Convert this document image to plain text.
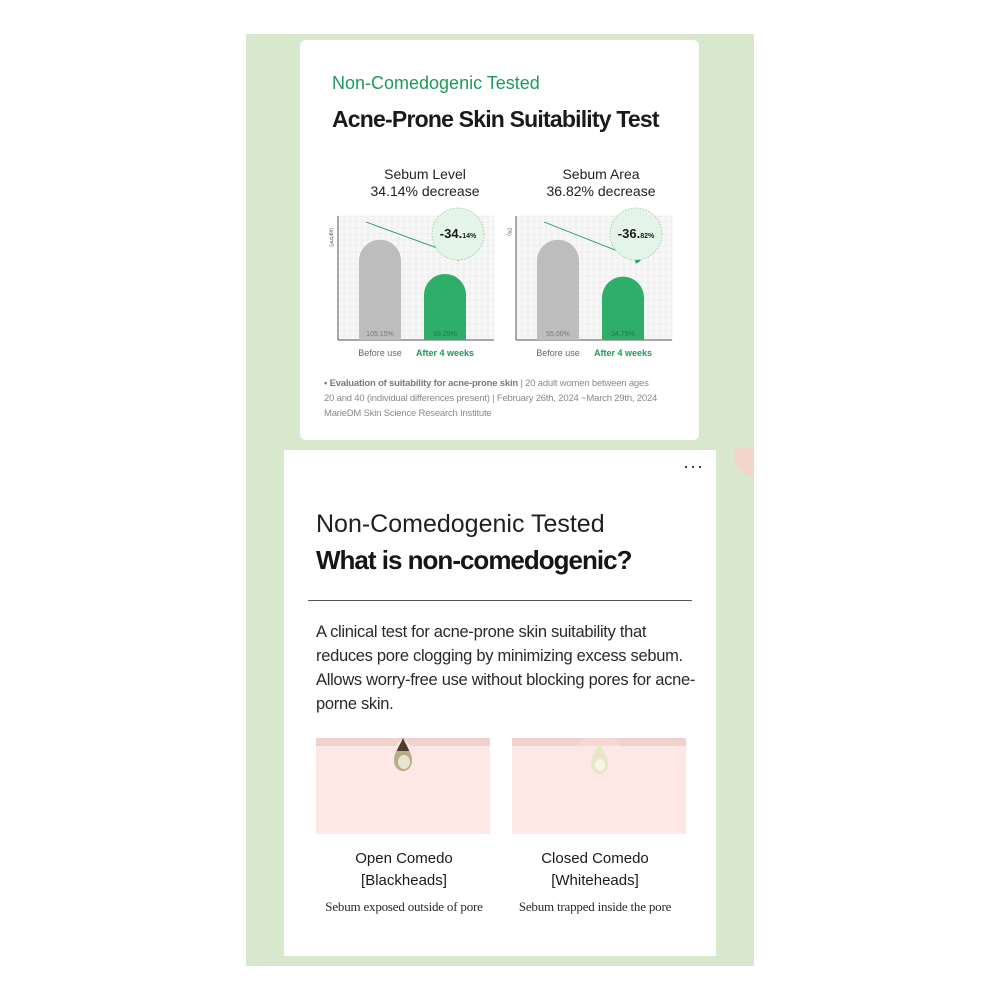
Non-Comedogenic Tested
Acne-Prone Skin Suitability Test
Sebum Level
34.14% decrease
Sebum Area
36.82% decrease
(μg/cm²)
105.15%
Before use
69.25%
After 4 weeks
-34.14%
(%)
55.00%
Before use
34.75%
After 4 weeks
-36.82%
• Evaluation of suitability for acne-prone skin | 20 adult women between ages
20 and 40 (individual differences present) | February 26th, 2024 ~March 29th, 2024
MarieDM Skin Science Research Institute
···
Non-Comedogenic Tested
What is non-comedogenic?
A clinical test for acne-prone skin suitability that reduces pore clogging by minimizing excess sebum. Allows worry-free use without blocking pores for acne-porne skin.
Open Comedo
[Blackheads]
Sebum exposed outside of pore
Closed Comedo
[Whiteheads]
Sebum trapped inside the pore
